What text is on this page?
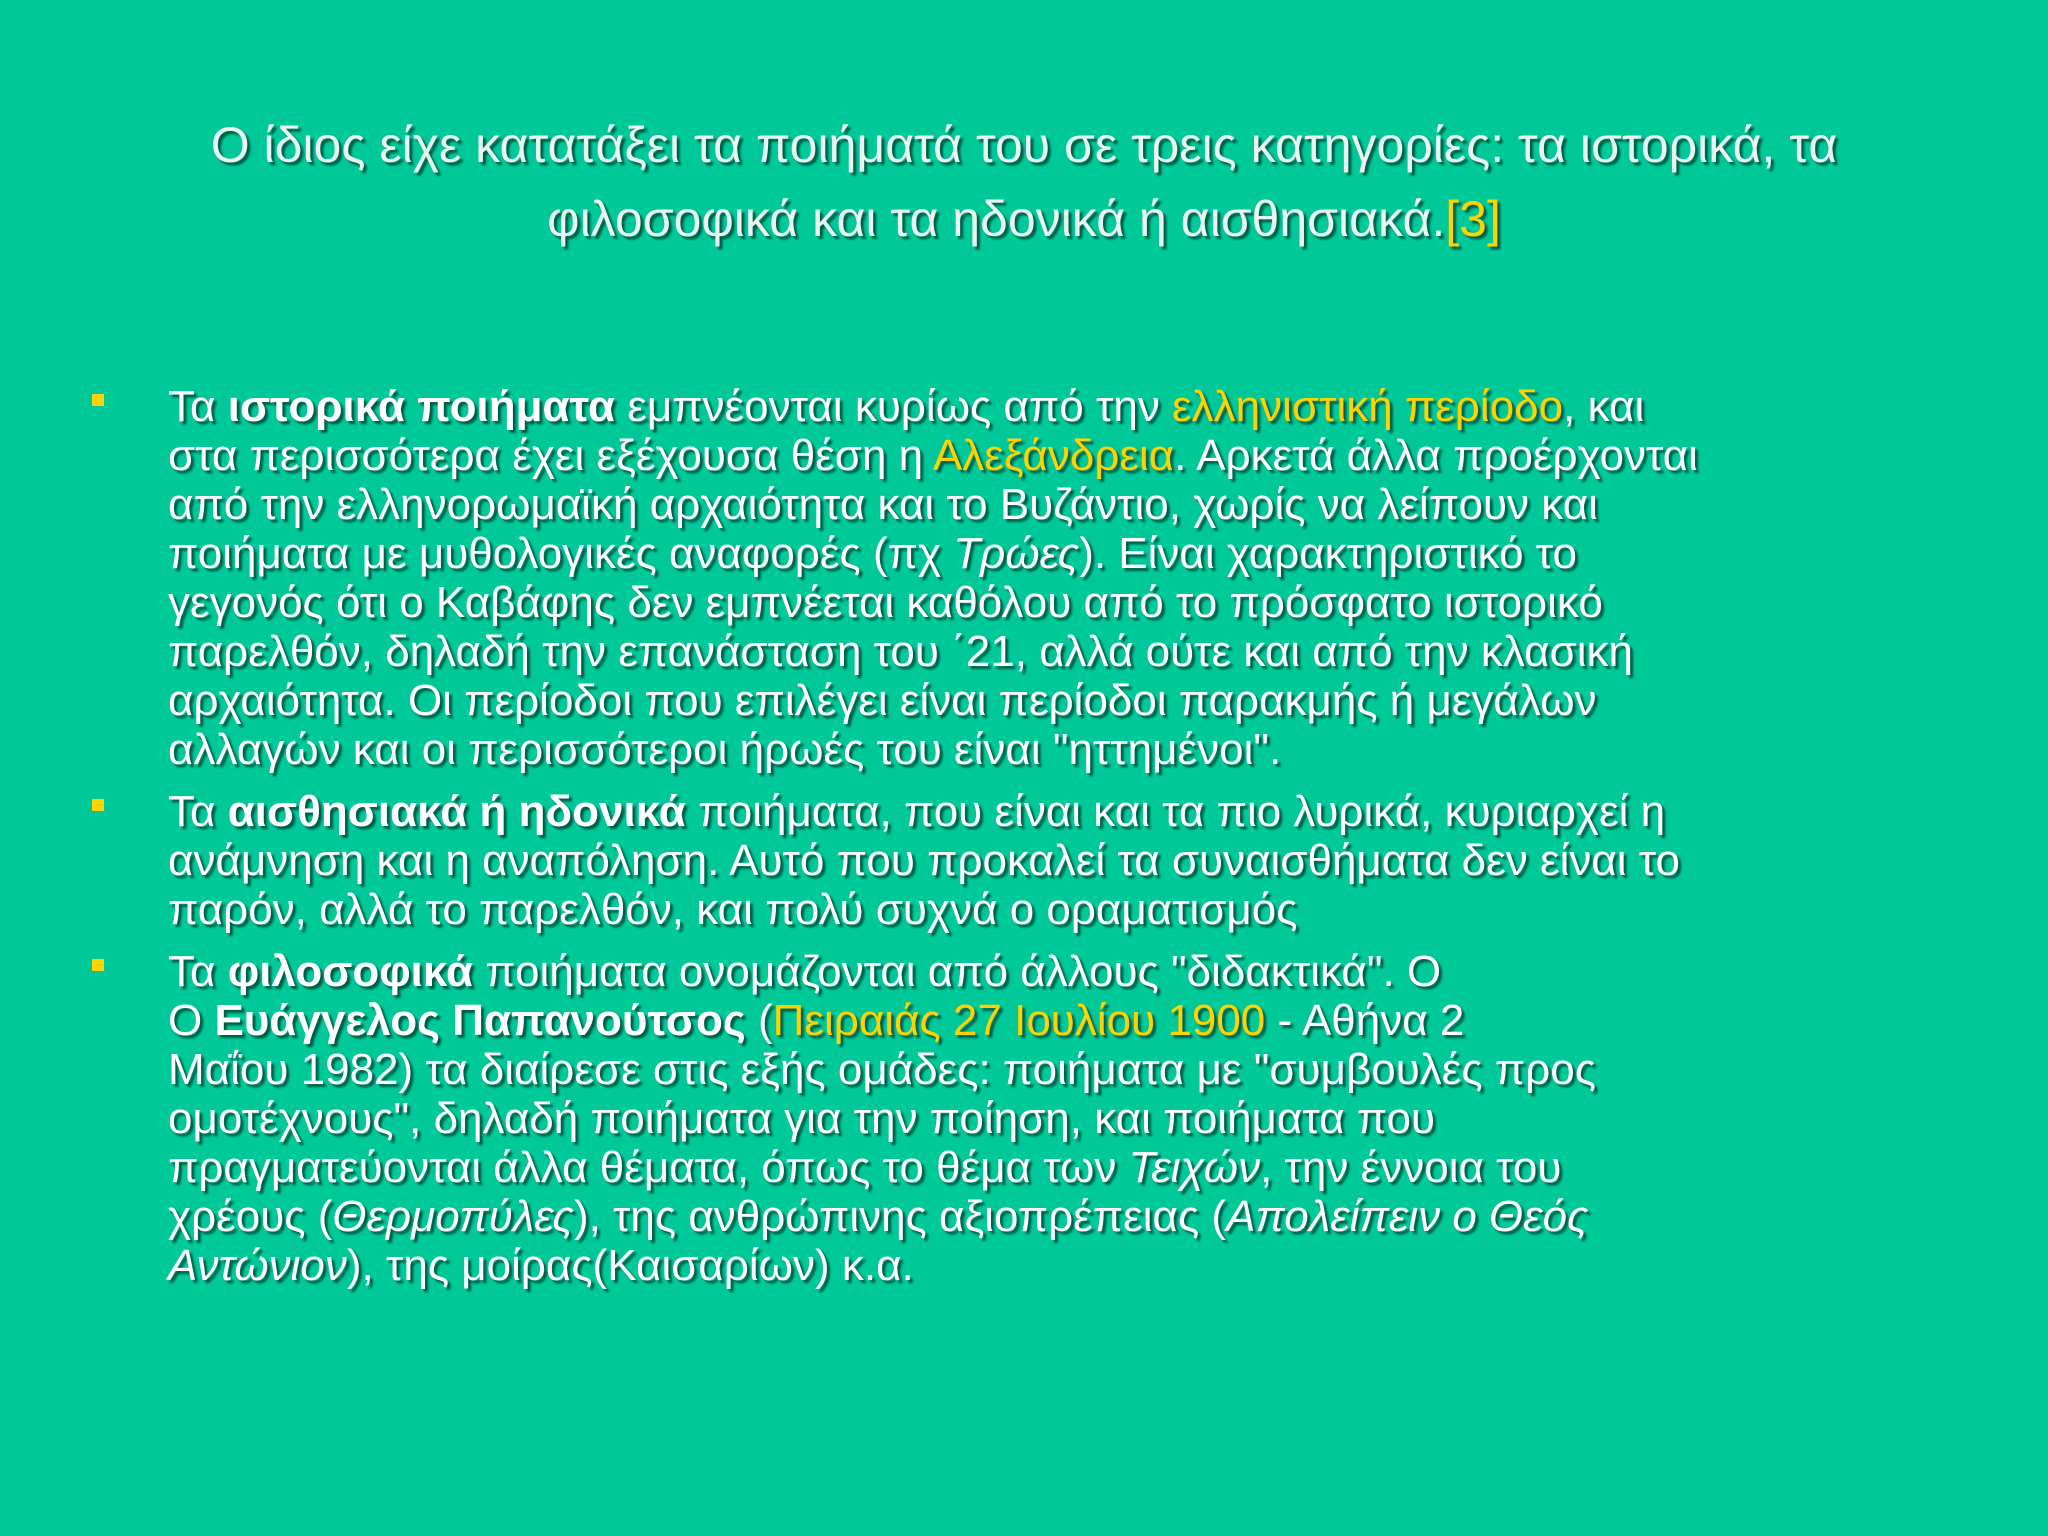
Ο ίδιος είχε κατατάξει τα ποιήματά του σε τρεις κατηγορίες: τα ιστορικά, τα
φιλοσοφικά και τα ηδονικά ή αισθησιακά.[3]
Τα ιστορικά ποιήματα εμπνέονται κυρίως από την ελληνιστική περίοδο, και
στα περισσότερα έχει εξέχουσα θέση η Αλεξάνδρεια. Αρκετά άλλα προέρχονται
από την ελληνορωμαϊκή αρχαιότητα και το Βυζάντιο, χωρίς να λείπουν και
ποιήματα με μυθολογικές αναφορές (πχ Τρώες). Είναι χαρακτηριστικό το
γεγονός ότι ο Καβάφης δεν εμπνέεται καθόλου από το πρόσφατο ιστορικό
παρελθόν, δηλαδή την επανάσταση του ΄21, αλλά ούτε και από την κλασική
αρχαιότητα. Οι περίοδοι που επιλέγει είναι περίοδοι παρακμής ή μεγάλων
αλλαγών και οι περισσότεροι ήρωές του είναι "ηττημένοι".
Τα αισθησιακά ή ηδονικά ποιήματα, που είναι και τα πιο λυρικά, κυριαρχεί η
ανάμνηση και η αναπόληση. Αυτό που προκαλεί τα συναισθήματα δεν είναι το
παρόν, αλλά το παρελθόν, και πολύ συχνά ο οραματισμός
Τα φιλοσοφικά ποιήματα ονομάζονται από άλλους "διδακτικά". Ο
Ο Ευάγγελος Παπανούτσος (Πειραιάς 27 Ιουλίου 1900 - Αθήνα 2
Μαΐου 1982) τα διαίρεσε στις εξής ομάδες: ποιήματα με "συμβουλές προς
ομοτέχνους", δηλαδή ποιήματα για την ποίηση, και ποιήματα που
πραγματεύονται άλλα θέματα, όπως το θέμα των Τειχών, την έννοια του
χρέους (Θερμοπύλες), της ανθρώπινης αξιοπρέπειας (Απολείπειν ο Θεός
Αντώνιον), της μοίρας(Καισαρίων) κ.α.
